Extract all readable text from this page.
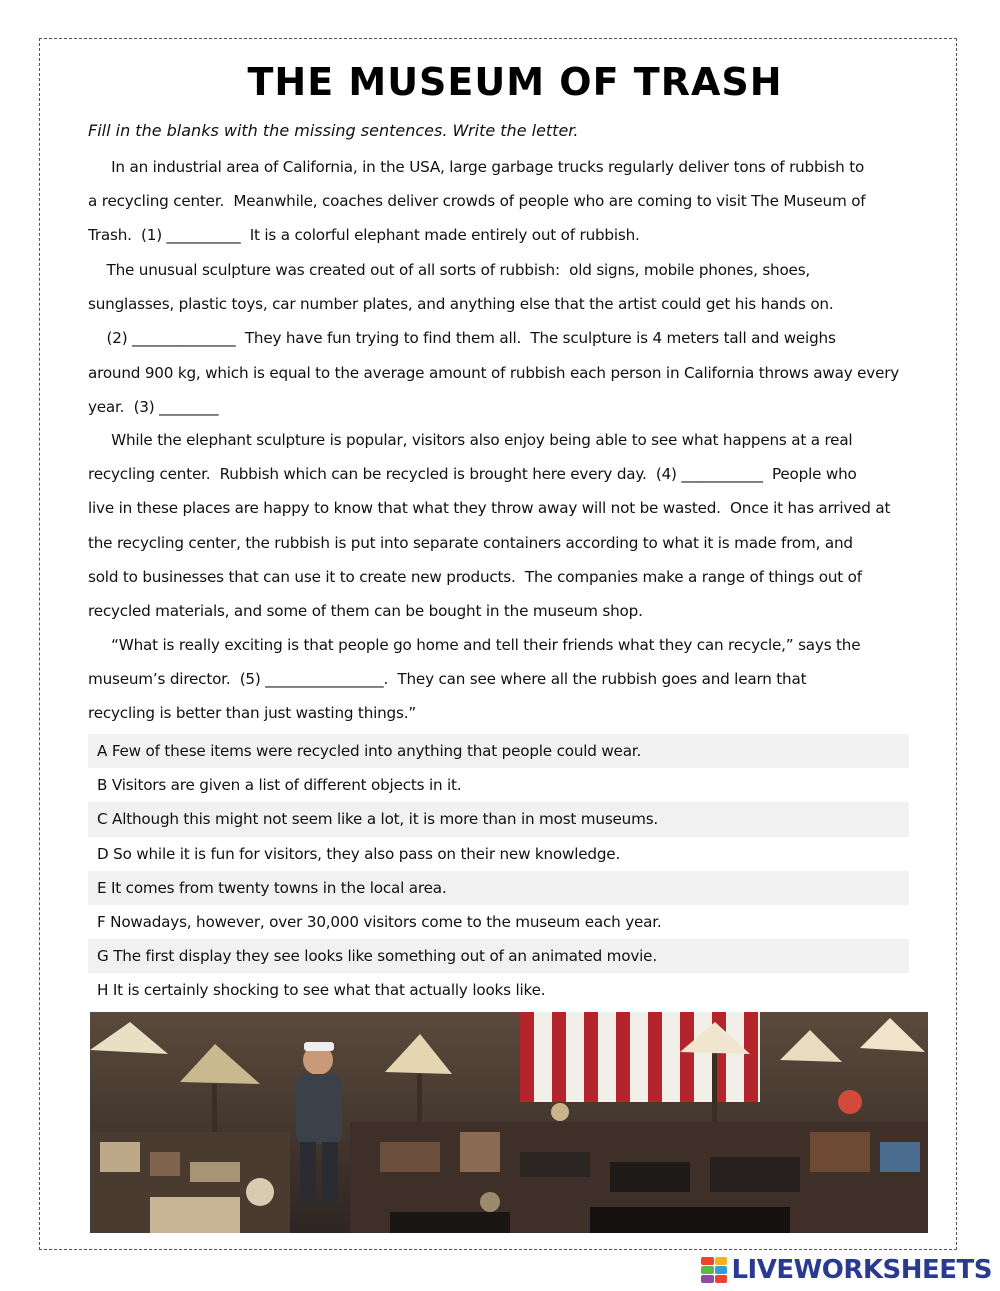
THE MUSEUM OF TRASH
Fill in the blanks with the missing sentences. Write the letter.
In an industrial area of California, in the USA, large garbage trucks regularly deliver tons of rubbish to
a recycling center.  Meanwhile, coaches deliver crowds of people who are coming to visit The Museum of
Trash.  (1) __________  It is a colorful elephant made entirely out of rubbish.
The unusual sculpture was created out of all sorts of rubbish:  old signs, mobile phones, shoes,
sunglasses, plastic toys, car number plates, and anything else that the artist could get his hands on.
(2) ______________  They have fun trying to find them all.  The sculpture is 4 meters tall and weighs
around 900 kg, which is equal to the average amount of rubbish each person in California throws away every
year.  (3) ________
While the elephant sculpture is popular, visitors also enjoy being able to see what happens at a real
recycling center.  Rubbish which can be recycled is brought here every day.  (4) ___________  People who
live in these places are happy to know that what they throw away will not be wasted.  Once it has arrived at
the recycling center, the rubbish is put into separate containers according to what it is made from, and
sold to businesses that can use it to create new products.  The companies make a range of things out of
recycled materials, and some of them can be bought in the museum shop.
“What is really exciting is that people go home and tell their friends what they can recycle,” says the
museum’s director.  (5) ________________.  They can see where all the rubbish goes and learn that
recycling is better than just wasting things.”
A Few of these items were recycled into anything that people could wear.
B Visitors are given a list of different objects in it.
C Although this might not seem like a lot, it is more than in most museums.
D So while it is fun for visitors, they also pass on their new knowledge.
E It comes from twenty towns in the local area.
F Nowadays, however, over 30,000 visitors come to the museum each year.
G The first display they see looks like something out of an animated movie.
H It is certainly shocking to see what that actually looks like.
LIVEWORKSHEETS
